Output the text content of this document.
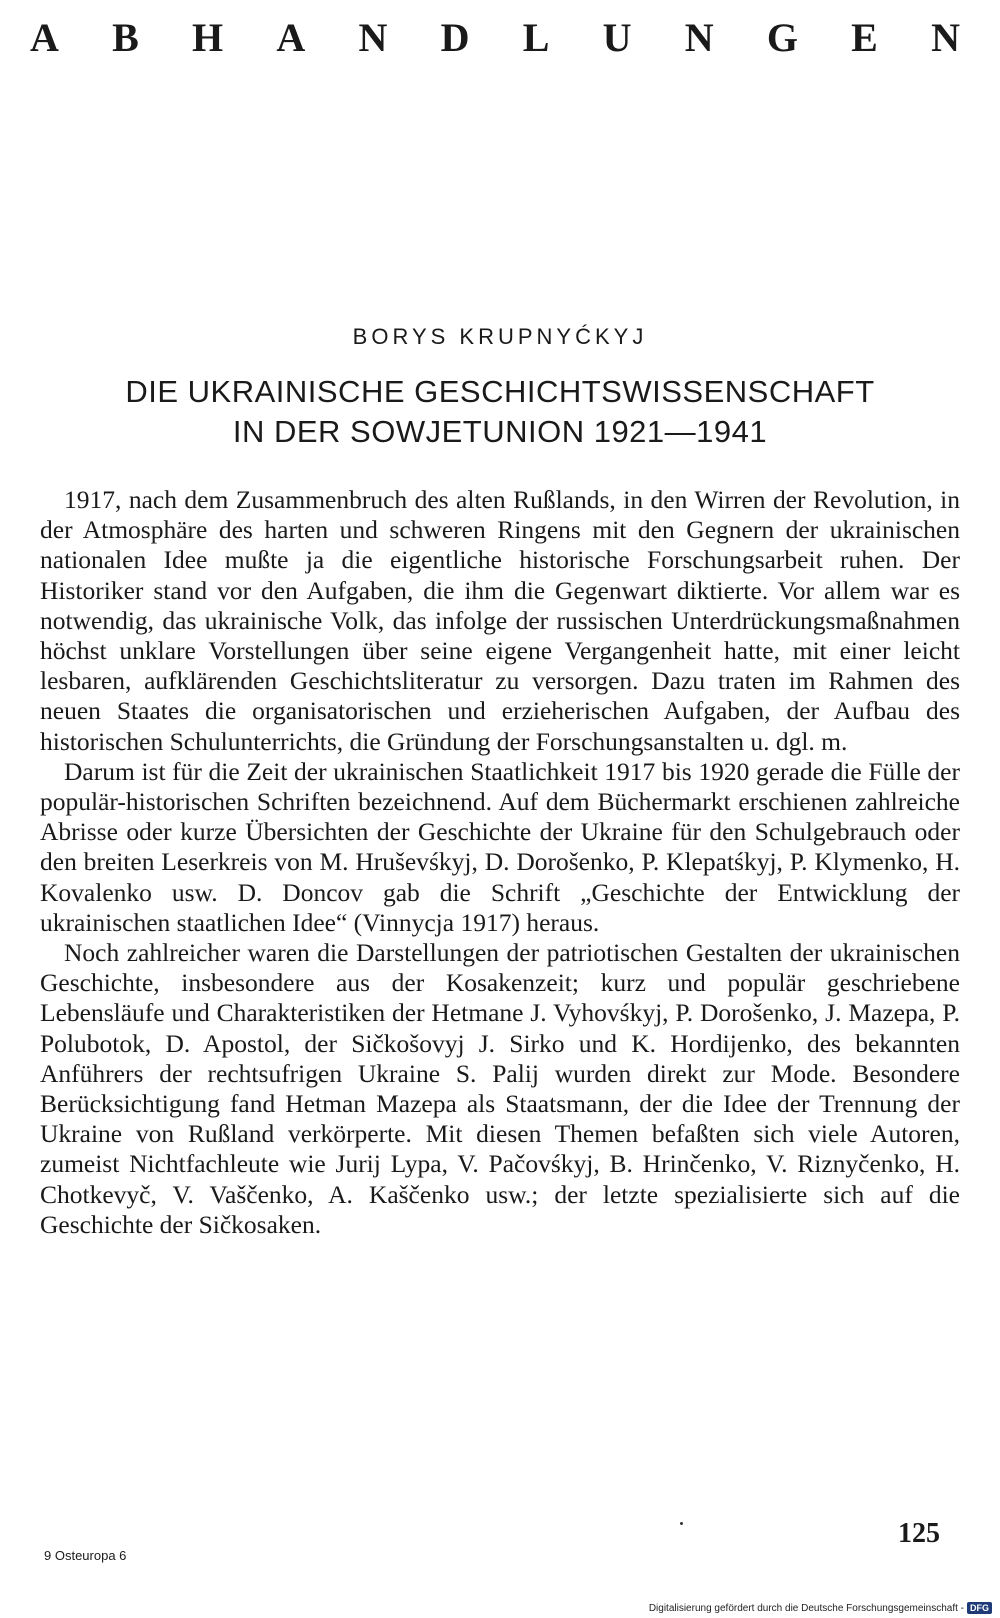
A B H A N D L U N G E N
BORYS KRUPNYĆKYJ
DIE UKRAINISCHE GESCHICHTSWISSENSCHAFT
IN DER SOWJETUNION 1921—1941

1917, nach dem Zusammenbruch des alten Rußlands, in den Wirren der Revolution, in der Atmosphäre des harten und schweren Ringens mit den Gegnern der ukrainischen nationalen Idee mußte ja die eigentliche historische Forschungsarbeit ruhen. Der Historiker stand vor den Aufgaben, die ihm die Gegenwart diktierte. Vor allem war es notwendig, das ukrainische Volk, das infolge der russischen Unterdrückungsmaßnahmen höchst unklare Vorstellungen über seine eigene Vergangenheit hatte, mit einer leicht lesbaren, aufklärenden Geschichtsliteratur zu versorgen. Dazu traten im Rahmen des neuen Staates die organisatorischen und erzieherischen Aufgaben, der Aufbau des historischen Schulunterrichts, die Gründung der Forschungsanstalten u. dgl. m.

Darum ist für die Zeit der ukrainischen Staatlichkeit 1917 bis 1920 gerade die Fülle der populär-historischen Schriften bezeichnend. Auf dem Büchermarkt erschienen zahlreiche Abrisse oder kurze Übersichten der Geschichte der Ukraine für den Schulgebrauch oder den breiten Leserkreis von M. Hruševśkyj, D. Dorošenko, P. Klepatśkyj, P. Klymenko, H. Kovalenko usw. D. Doncov gab die Schrift „Geschichte der Entwicklung der ukrainischen staatlichen Idee“ (Vinnycja 1917) heraus.

Noch zahlreicher waren die Darstellungen der patriotischen Gestalten der ukrainischen Geschichte, insbesondere aus der Kosakenzeit; kurz und populär geschriebene Lebensläufe und Charakteristiken der Hetmane J. Vyhovśkyj, P. Dorošenko, J. Mazepa, P. Polubotok, D. Apostol, der Sičkošovyj J. Sirko und K. Hordijenko, des bekannten Anführers der rechtsufrigen Ukraine S. Palij wurden direkt zur Mode. Besondere Berücksichtigung fand Hetman Mazepa als Staatsmann, der die Idee der Trennung der Ukraine von Rußland verkörperte. Mit diesen Themen befaßten sich viele Autoren, zumeist Nichtfachleute wie Jurij Lypa, V. Pačovśkyj, B. Hrinčenko, V. Riznyčenko, H. Chotkevyč, V. Vaščenko, A. Kaščenko usw.; der letzte spezialisierte sich auf die Geschichte der Sičkosaken.

9 Osteuropa 6
125
Digitalisierung gefördert durch die Deutsche Forschungsgemeinschaft - DFG
